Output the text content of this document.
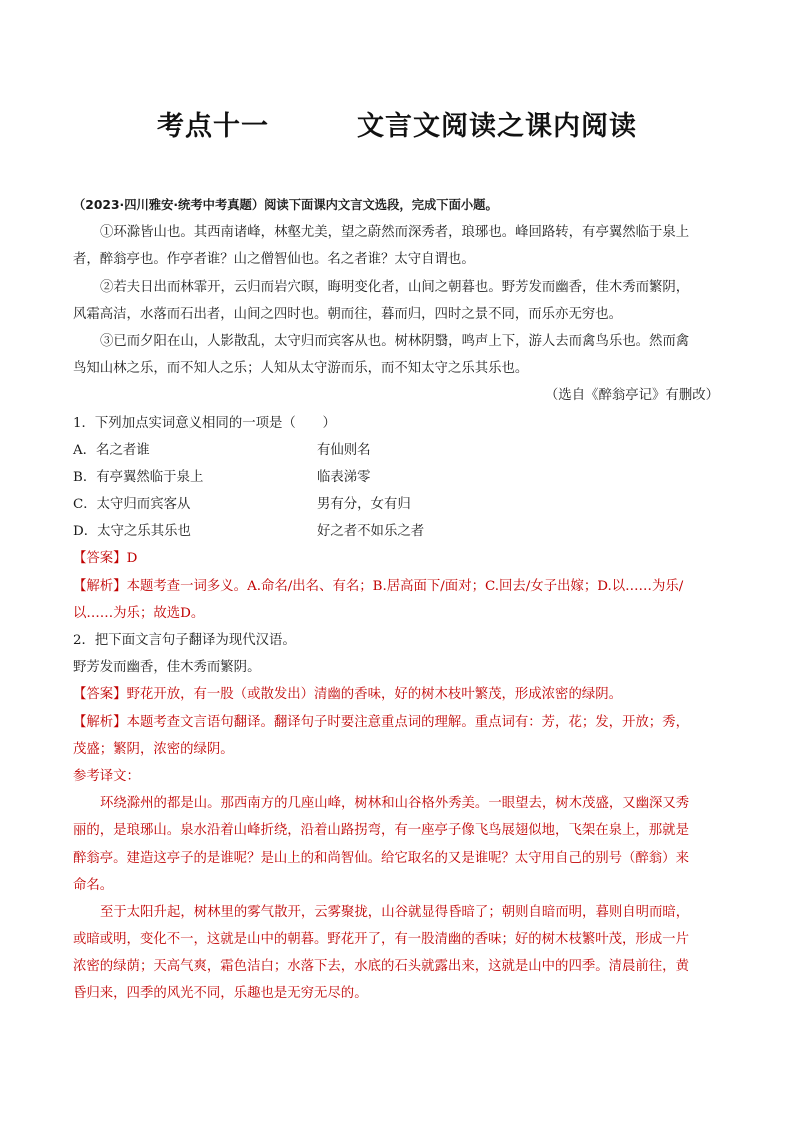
考点十一	文言文阅读之课内阅读
（2023·四川雅安·统考中考真题）阅读下面课内文言文选段，完成下面小题。
①环滁皆山也。其西南诸峰，林壑尤美，望之蔚然而深秀者，琅琊也。峰回路转，有亭翼然临于泉上
者，醉翁亭也。作亭者谁？山之僧智仙也。名之者谁？太守自谓也。
②若夫日出而林霏开，云归而岩穴暝，晦明变化者，山间之朝暮也。野芳发而幽香，佳木秀而繁阴，
风霜高洁，水落而石出者，山间之四时也。朝而往，暮而归，四时之景不同，而乐亦无穷也。
③已而夕阳在山，人影散乱，太守归而宾客从也。树林阴翳，鸣声上下，游人去而禽鸟乐也。然而禽
鸟知山林之乐，而不知人之乐；人知从太守游而乐，而不知太守之乐其乐也。
（选自《醉翁亭记》有删改）
1．下列加点实词意义相同的一项是（　　）
A．名之者谁	有仙则名
B．有亭翼然临于泉上	临表涕零
C．太守归而宾客从	男有分，女有归
D．太守之乐其乐也	好之者不如乐之者
【答案】D
【解析】本题考查一词多义。A.命名/出名、有名；B.居高面下/面对；C.回去/女子出嫁；D.以……为乐/
以……为乐；故选D。
2．把下面文言句子翻译为现代汉语。
野芳发而幽香，佳木秀而繁阴。
【答案】野花开放，有一股（或散发出）清幽的香味，好的树木枝叶繁茂，形成浓密的绿阴。
【解析】本题考查文言语句翻译。翻译句子时要注意重点词的理解。重点词有：芳，花；发，开放；秀，
茂盛；繁阴，浓密的绿阴。
参考译文：
环绕滁州的都是山。那西南方的几座山峰，树林和山谷格外秀美。一眼望去，树木茂盛，又幽深又秀
丽的，是琅琊山。泉水沿着山峰折绕，沿着山路拐弯，有一座亭子像飞鸟展翅似地，飞架在泉上，那就是
醉翁亭。建造这亭子的是谁呢？是山上的和尚智仙。给它取名的又是谁呢？太守用自己的别号（醉翁）来
命名。
至于太阳升起，树林里的雾气散开，云雾聚拢，山谷就显得昏暗了；朝则自暗而明，暮则自明而暗，
或暗或明，变化不一，这就是山中的朝暮。野花开了，有一股清幽的香味；好的树木枝繁叶茂，形成一片
浓密的绿荫；天高气爽，霜色洁白；水落下去，水底的石头就露出来，这就是山中的四季。清晨前往，黄
昏归来，四季的风光不同，乐趣也是无穷无尽的。
